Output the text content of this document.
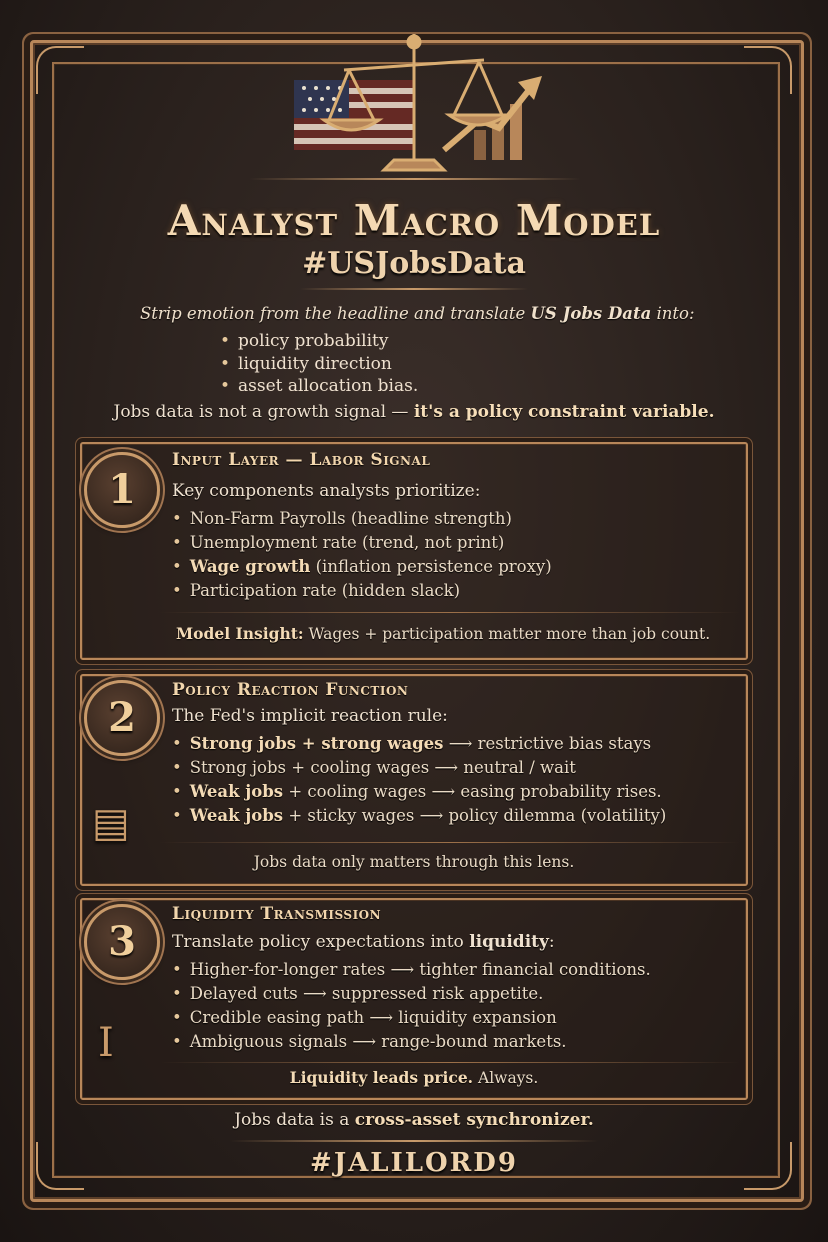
Analyst Macro Model
#USJobsData
Strip emotion from the headline and translate US Jobs Data into:
• policy probability
• liquidity direction
• asset allocation bias.
Jobs data is not a growth signal — it's a policy constraint variable.
1
Input Layer — Labor Signal
Key components analysts prioritize:
• Non-Farm Payrolls (headline strength)
• Unemployment rate (trend, not print)
• Wage growth (inflation persistence proxy)
• Participation rate (hidden slack)
Model Insight: Wages + participation matter more than job count.
2
▤
Policy Reaction Function
The Fed's implicit reaction rule:
• Strong jobs + strong wages ⟶ restrictive bias stays
• Strong jobs + cooling wages ⟶ neutral / wait
• Weak jobs + cooling wages ⟶ easing probability rises.
• Weak jobs + sticky wages ⟶ policy dilemma (volatility)
Jobs data only matters through this lens.
3
Ⅰ
Liquidity Transmission
Translate policy expectations into liquidity:
• Higher-for-longer rates ⟶ tighter financial conditions.
• Delayed cuts ⟶ suppressed risk appetite.
• Credible easing path ⟶ liquidity expansion
• Ambiguous signals ⟶ range-bound markets.
Liquidity leads price. Always.
Jobs data is a cross-asset synchronizer.
#JALILORD9
